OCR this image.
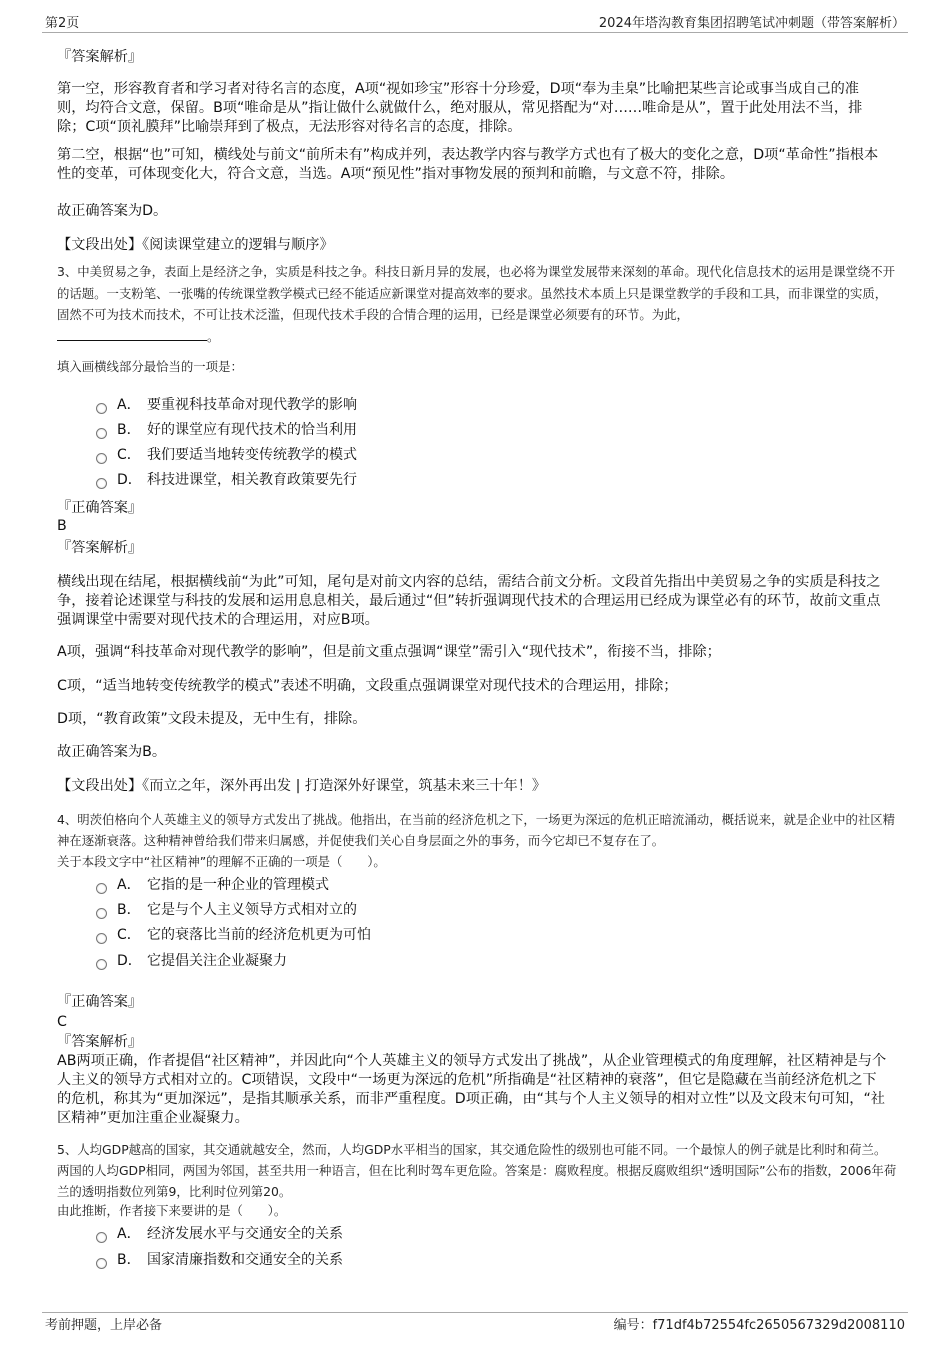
第2页	2024年塔沟教育集团招聘笔试冲刺题（带答案解析）
『答案解析』
第一空，形容教育者和学习者对待名言的态度，A项“视如珍宝”形容十分珍爱，D项“奉为圭臬”比喻把某些言论或事当成自己的准则，均符合文意，保留。B项“唯命是从”指让做什么就做什么，绝对服从，常见搭配为“对……唯命是从”，置于此处用法不当，排除；C项“顶礼膜拜”比喻崇拜到了极点，无法形容对待名言的态度，排除。
第二空，根据“也”可知，横线处与前文“前所未有”构成并列，表达教学内容与教学方式也有了极大的变化之意，D项“革命性”指根本性的变革，可体现变化大，符合文意，当选。A项“预见性”指对事物发展的预判和前瞻，与文意不符，排除。
故正确答案为D。
【文段出处】《阅读课堂建立的逻辑与顺序》
3、中美贸易之争，表面上是经济之争，实质是科技之争。科技日新月异的发展，也必将为课堂发展带来深刻的革命。现代化信息技术的运用是课堂绕不开的话题。一支粉笔、一张嘴的传统课堂教学模式已经不能适应新课堂对提高效率的要求。虽然技术本质上只是课堂教学的手段和工具，而非课堂的实质，固然不可为技术而技术，不可让技术泛滥，但现代技术手段的合情合理的运用，已经是课堂必须要有的环节。为此，
。
填入画横线部分最恰当的一项是：
A． 要重视科技革命对现代教学的影响
B． 好的课堂应有现代技术的恰当利用
C． 我们要适当地转变传统教学的模式
D． 科技进课堂，相关教育政策要先行
『正确答案』
B
『答案解析』
横线出现在结尾，根据横线前“为此”可知，尾句是对前文内容的总结，需结合前文分析。文段首先指出中美贸易之争的实质是科技之争，接着论述课堂与科技的发展和运用息息相关，最后通过“但”转折强调现代技术的合理运用已经成为课堂必有的环节，故前文重点强调课堂中需要对现代技术的合理运用，对应B项。
A项，强调“科技革命对现代教学的影响”，但是前文重点强调“课堂”需引入“现代技术”，衔接不当，排除；
C项，“适当地转变传统教学的模式”表述不明确，文段重点强调课堂对现代技术的合理运用，排除；
D项，“教育政策”文段未提及，无中生有，排除。
故正确答案为B。
【文段出处】《而立之年，深外再出发 | 打造深外好课堂，筑基未来三十年！》
4、明茨伯格向个人英雄主义的领导方式发出了挑战。他指出，在当前的经济危机之下，一场更为深远的危机正暗流涌动，概括说来，就是企业中的社区精神在逐渐衰落。这种精神曾给我们带来归属感，并促使我们关心自身层面之外的事务，而今它却已不复存在了。
关于本段文字中“社区精神”的理解不正确的一项是（　　）。
A． 它指的是一种企业的管理模式
B． 它是与个人主义领导方式相对立的
C． 它的衰落比当前的经济危机更为可怕
D． 它提倡关注企业凝聚力
『正确答案』
C
『答案解析』
AB两项正确，作者提倡“社区精神”，并因此向“个人英雄主义的领导方式发出了挑战”，从企业管理模式的角度理解，社区精神是与个人主义的领导方式相对立的。C项错误，文段中“一场更为深远的危机”所指确是“社区精神的衰落”，但它是隐藏在当前经济危机之下的危机，称其为“更加深远”，是指其顺承关系，而非严重程度。D项正确，由“其与个人主义领导的相对立性”以及文段末句可知，“社区精神”更加注重企业凝聚力。
5、人均GDP越高的国家，其交通就越安全，然而，人均GDP水平相当的国家，其交通危险性的级别也可能不同。一个最惊人的例子就是比利时和荷兰。两国的人均GDP相同，两国为邻国，甚至共用一种语言，但在比利时驾车更危险。答案是：腐败程度。根据反腐败组织“透明国际”公布的指数，2006年荷兰的透明指数位列第9，比利时位列第20。
由此推断，作者接下来要讲的是（　　）。
A． 经济发展水平与交通安全的关系
B． 国家清廉指数和交通安全的关系
考前押题，上岸必备	编号：f71df4b72554fc2650567329d2008110
